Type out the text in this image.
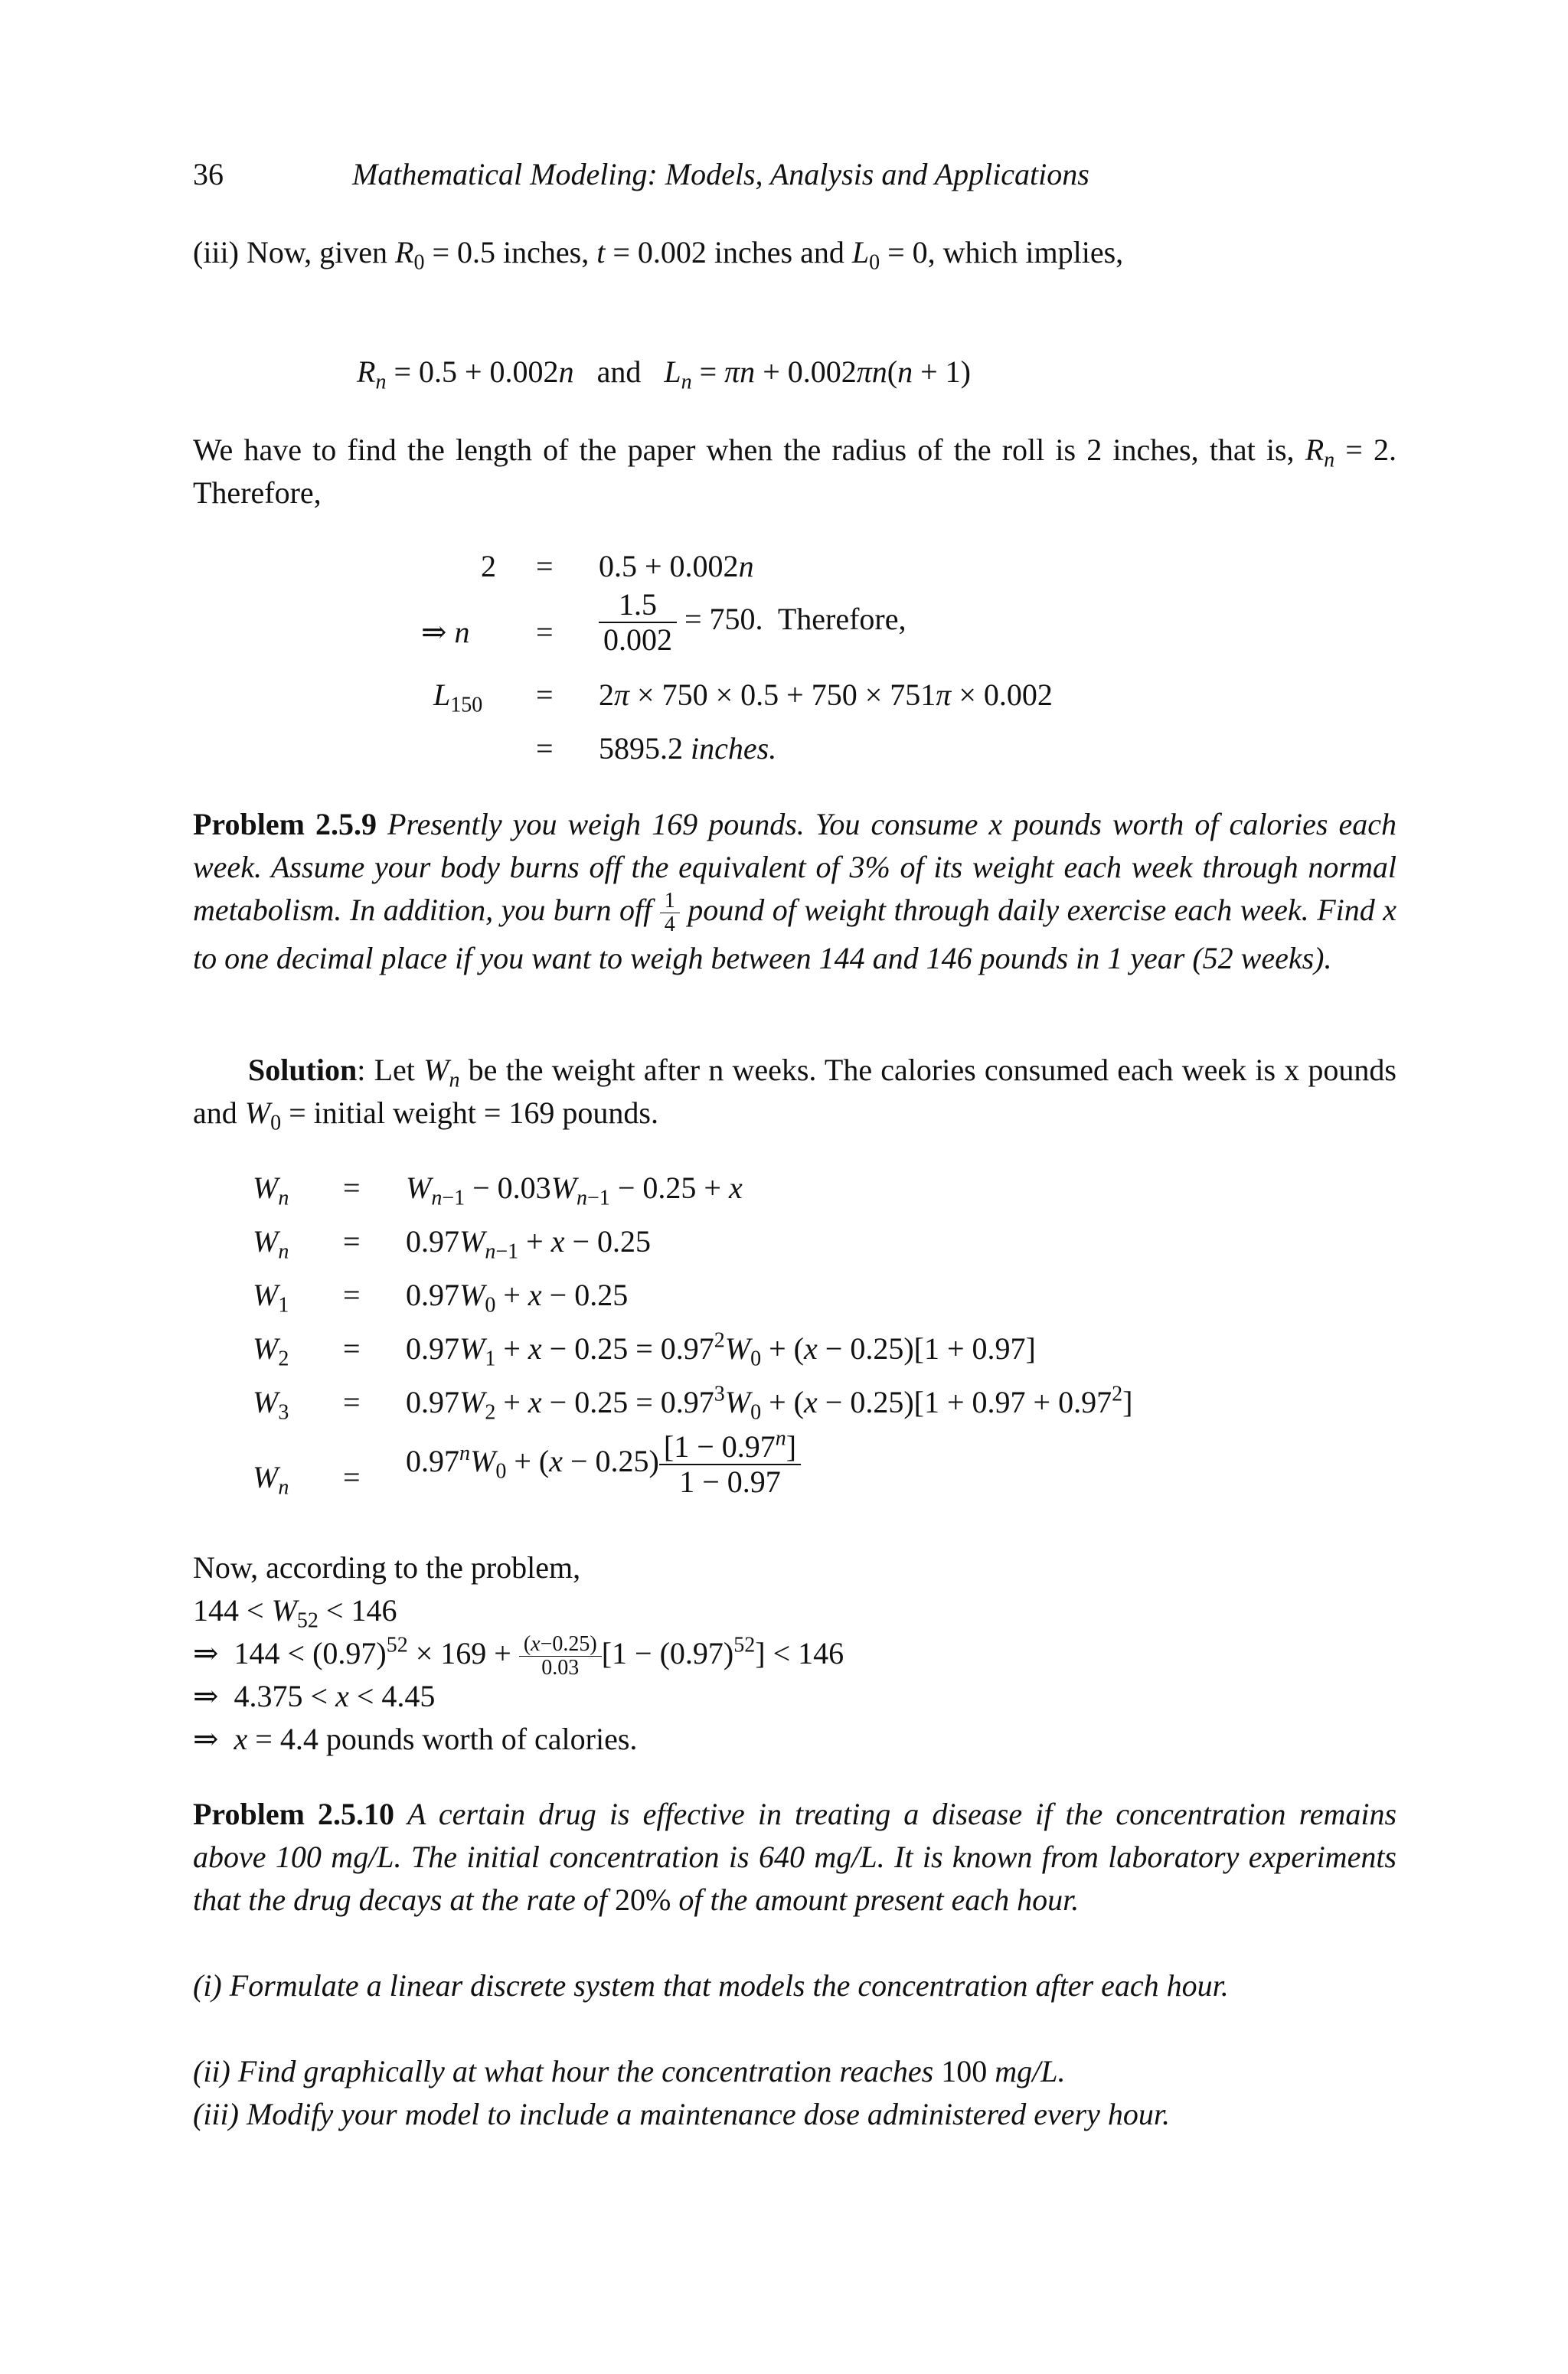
36	Mathematical Modeling: Models, Analysis and Applications
(iii) Now, given $R_0 = 0.5$ inches, t = 0.002 inches and $L_0 = 0$, which implies,
$R_n = 0.5 + 0.002n$   and   $L_n = \pi n + 0.002\pi n(n + 1)$
We have to find the length of the paper when the radius of the roll is 2 inches, that is, $R_n = 2$. Therefore,
2 = 0.5 + 0.002n
⇒ $n = \frac{1.5}{0.002} = 750$.  Therefore,
$L_{150} = 2\pi \times 750 \times 0.5 + 750 \times 751\pi \times 0.002$
= 5895.2 inches.
Problem 2.5.9 Presently you weigh 169 pounds. You consume x pounds worth of calories each week. Assume your body burns off the equivalent of 3% of its weight each week through normal metabolism. In addition, you burn off $\frac{1}{4}$ pound of weight through daily exercise each week. Find x to one decimal place if you want to weigh between 144 and 146 pounds in 1 year (52 weeks).
Solution: Let $W_n$ be the weight after n weeks. The calories consumed each week is x pounds and $W_0$ = initial weight = 169 pounds.
$W_n = W_{n-1} - 0.03W_{n-1} - 0.25 + x$
$W_n = 0.97W_{n-1} + x - 0.25$
$W_1 = 0.97W_0 + x - 0.25$
$W_2 = 0.97W_1 + x - 0.25 = 0.97^2W_0 + (x - 0.25)[1 + 0.97]$
$W_3 = 0.97W_2 + x - 0.25 = 0.97^3W_0 + (x - 0.25)[1 + 0.97 + 0.97^2]$
$W_n = 0.97^nW_0 + (x - 0.25) \frac{[1 - 0.97^n]}{1 - 0.97}$
Now, according to the problem,
$144 < W_{52} < 146$
⇒  $144 < (0.97)^{52} \times 169 + \frac{(x-0.25)}{0.03} [1 - (0.97)^{52}] < 146$
⇒  4.375 < x < 4.45
⇒  x = 4.4 pounds worth of calories.
Problem 2.5.10 A certain drug is effective in treating a disease if the concentration remains above 100 mg/L. The initial concentration is 640 mg/L. It is known from laboratory experiments that the drug decays at the rate of 20% of the amount present each hour.
(i) Formulate a linear discrete system that models the concentration after each hour.
(ii) Find graphically at what hour the concentration reaches 100 mg/L.
(iii) Modify your model to include a maintenance dose administered every hour.
